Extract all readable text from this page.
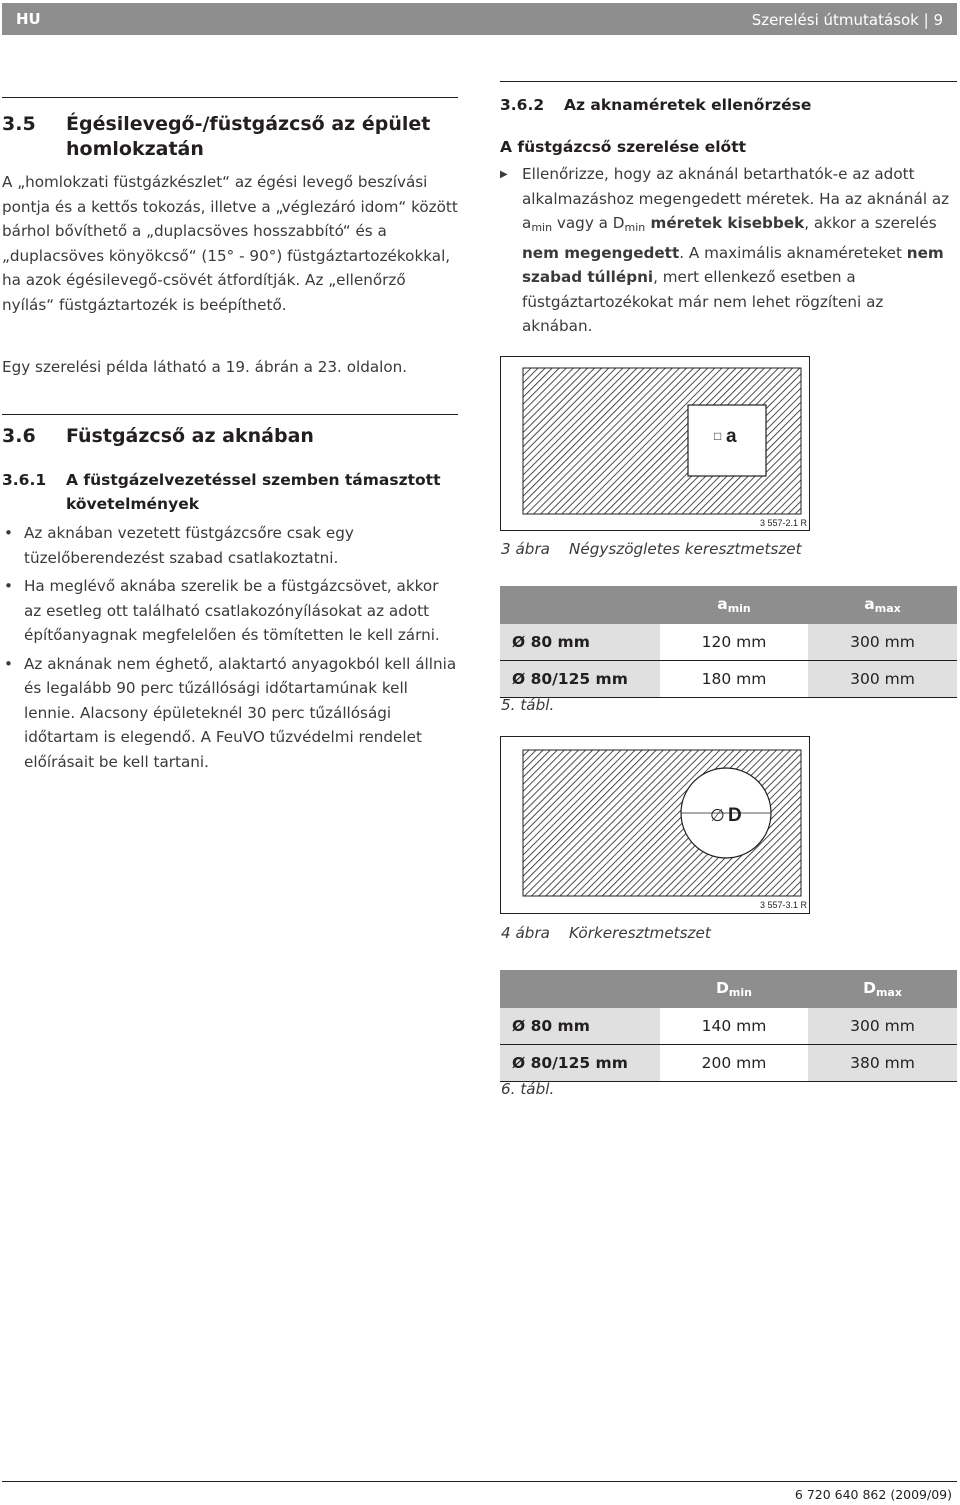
HU	Szerelési útmutatások | 9
3.5 Égésilevegő-/füstgázcső az épület homlokzatán

A „homlokzati füstgázkészlet“ az égési levegő beszívási pontja és a kettős tokozás, illetve a „véglezáró idom“ között bárhol bővíthető a „duplacsöves hosszabbító“ és a „duplacsöves könyökcső“ (15° - 90°) füstgáztartozékokkal, ha azok égésilevegő-csövét átfordítják. Az „ellenőrző nyílás“ füstgáztartozék is beépíthető.

Egy szerelési példa látható a 19. ábrán a 23. oldalon.

3.6 Füstgázcső az aknában
3.6.1 A füstgázelvezetéssel szemben támasztott követelmények
• Az aknában vezetett füstgázcsőre csak egy tüzelőberendezést szabad csatlakoztatni.
• Ha meglévő aknába szerelik be a füstgázcsövet, akkor az esetleg ott található csatlakozónyílásokat az adott építőanyagnak megfelelően és tömítetten le kell zárni.
• Az aknának nem éghető, alaktartó anyagokból kell állnia és legalább 90 perc tűzállósági időtartamúnak kell lennie. Alacsony épületeknél 30 perc tűzállósági időtartam is elegendő. A FeuVO tűzvédelmi rendelet előírásait be kell tartani.
3.6.2 Az aknaméretek ellenőrzése
A füstgázcső szerelése előtt
▶ Ellenőrizze, hogy az aknánál betarthatók-e az adott alkalmazáshoz megengedett méretek. Ha az aknánál az $a_{min}$ vagy a $D_{min}$ méretek kisebbek, akkor a szerelés nem megengedett. A maximális aknaméreteket nem szabad túllépni, mert ellenkező esetben a füstgáztartozékokat már nem lehet rögzíteni az aknában.
□ a
3 557-2.1 R
3 ábra Négyszögletes keresztmetszet
	$a_{min}$	$a_{max}$
Ø 80 mm	120 mm	300 mm
Ø 80/125 mm	180 mm	300 mm
5. tábl.
∅ D
3 557-3.1 R
4 ábra Körkeresztmetszet
	$D_{min}$	$D_{max}$
Ø 80 mm	140 mm	300 mm
Ø 80/125 mm	200 mm	380 mm
6. tábl.
6 720 640 862 (2009/09)
